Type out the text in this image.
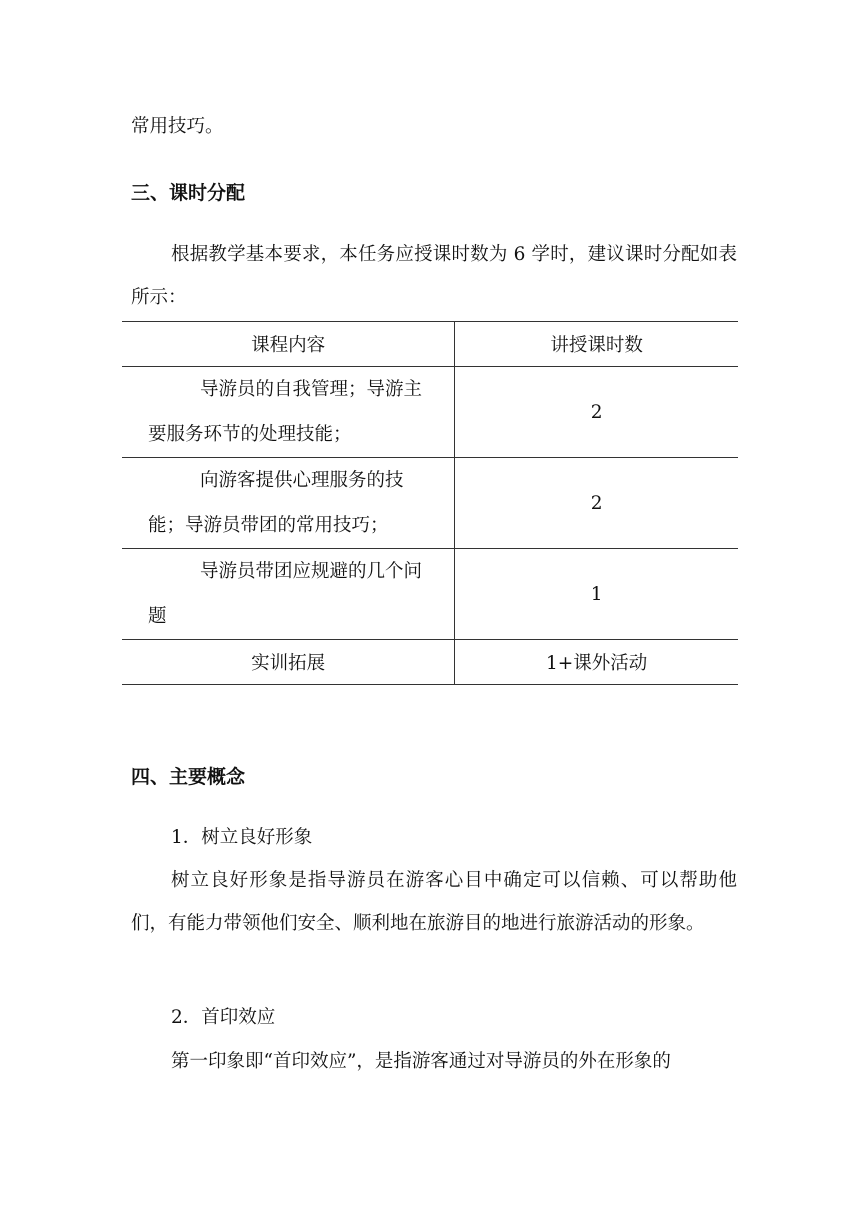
常用技巧。

三、课时分配

根据教学基本要求，本任务应授课时数为 6 学时，建议课时分配如表所示：

课程内容	讲授课时数
导游员的自我管理；导游主要服务环节的处理技能；	2
向游客提供心理服务的技能；导游员带团的常用技巧；	2
导游员带团应规避的几个问题	1
实训拓展	1+课外活动
四、主要概念

1．树立良好形象

树立良好形象是指导游员在游客心目中确定可以信赖、可以帮助他们，有能力带领他们安全、顺利地在旅游目的地进行旅游活动的形象。

2．首印效应

第一印象即“首印效应”，是指游客通过对导游员的外在形象的
